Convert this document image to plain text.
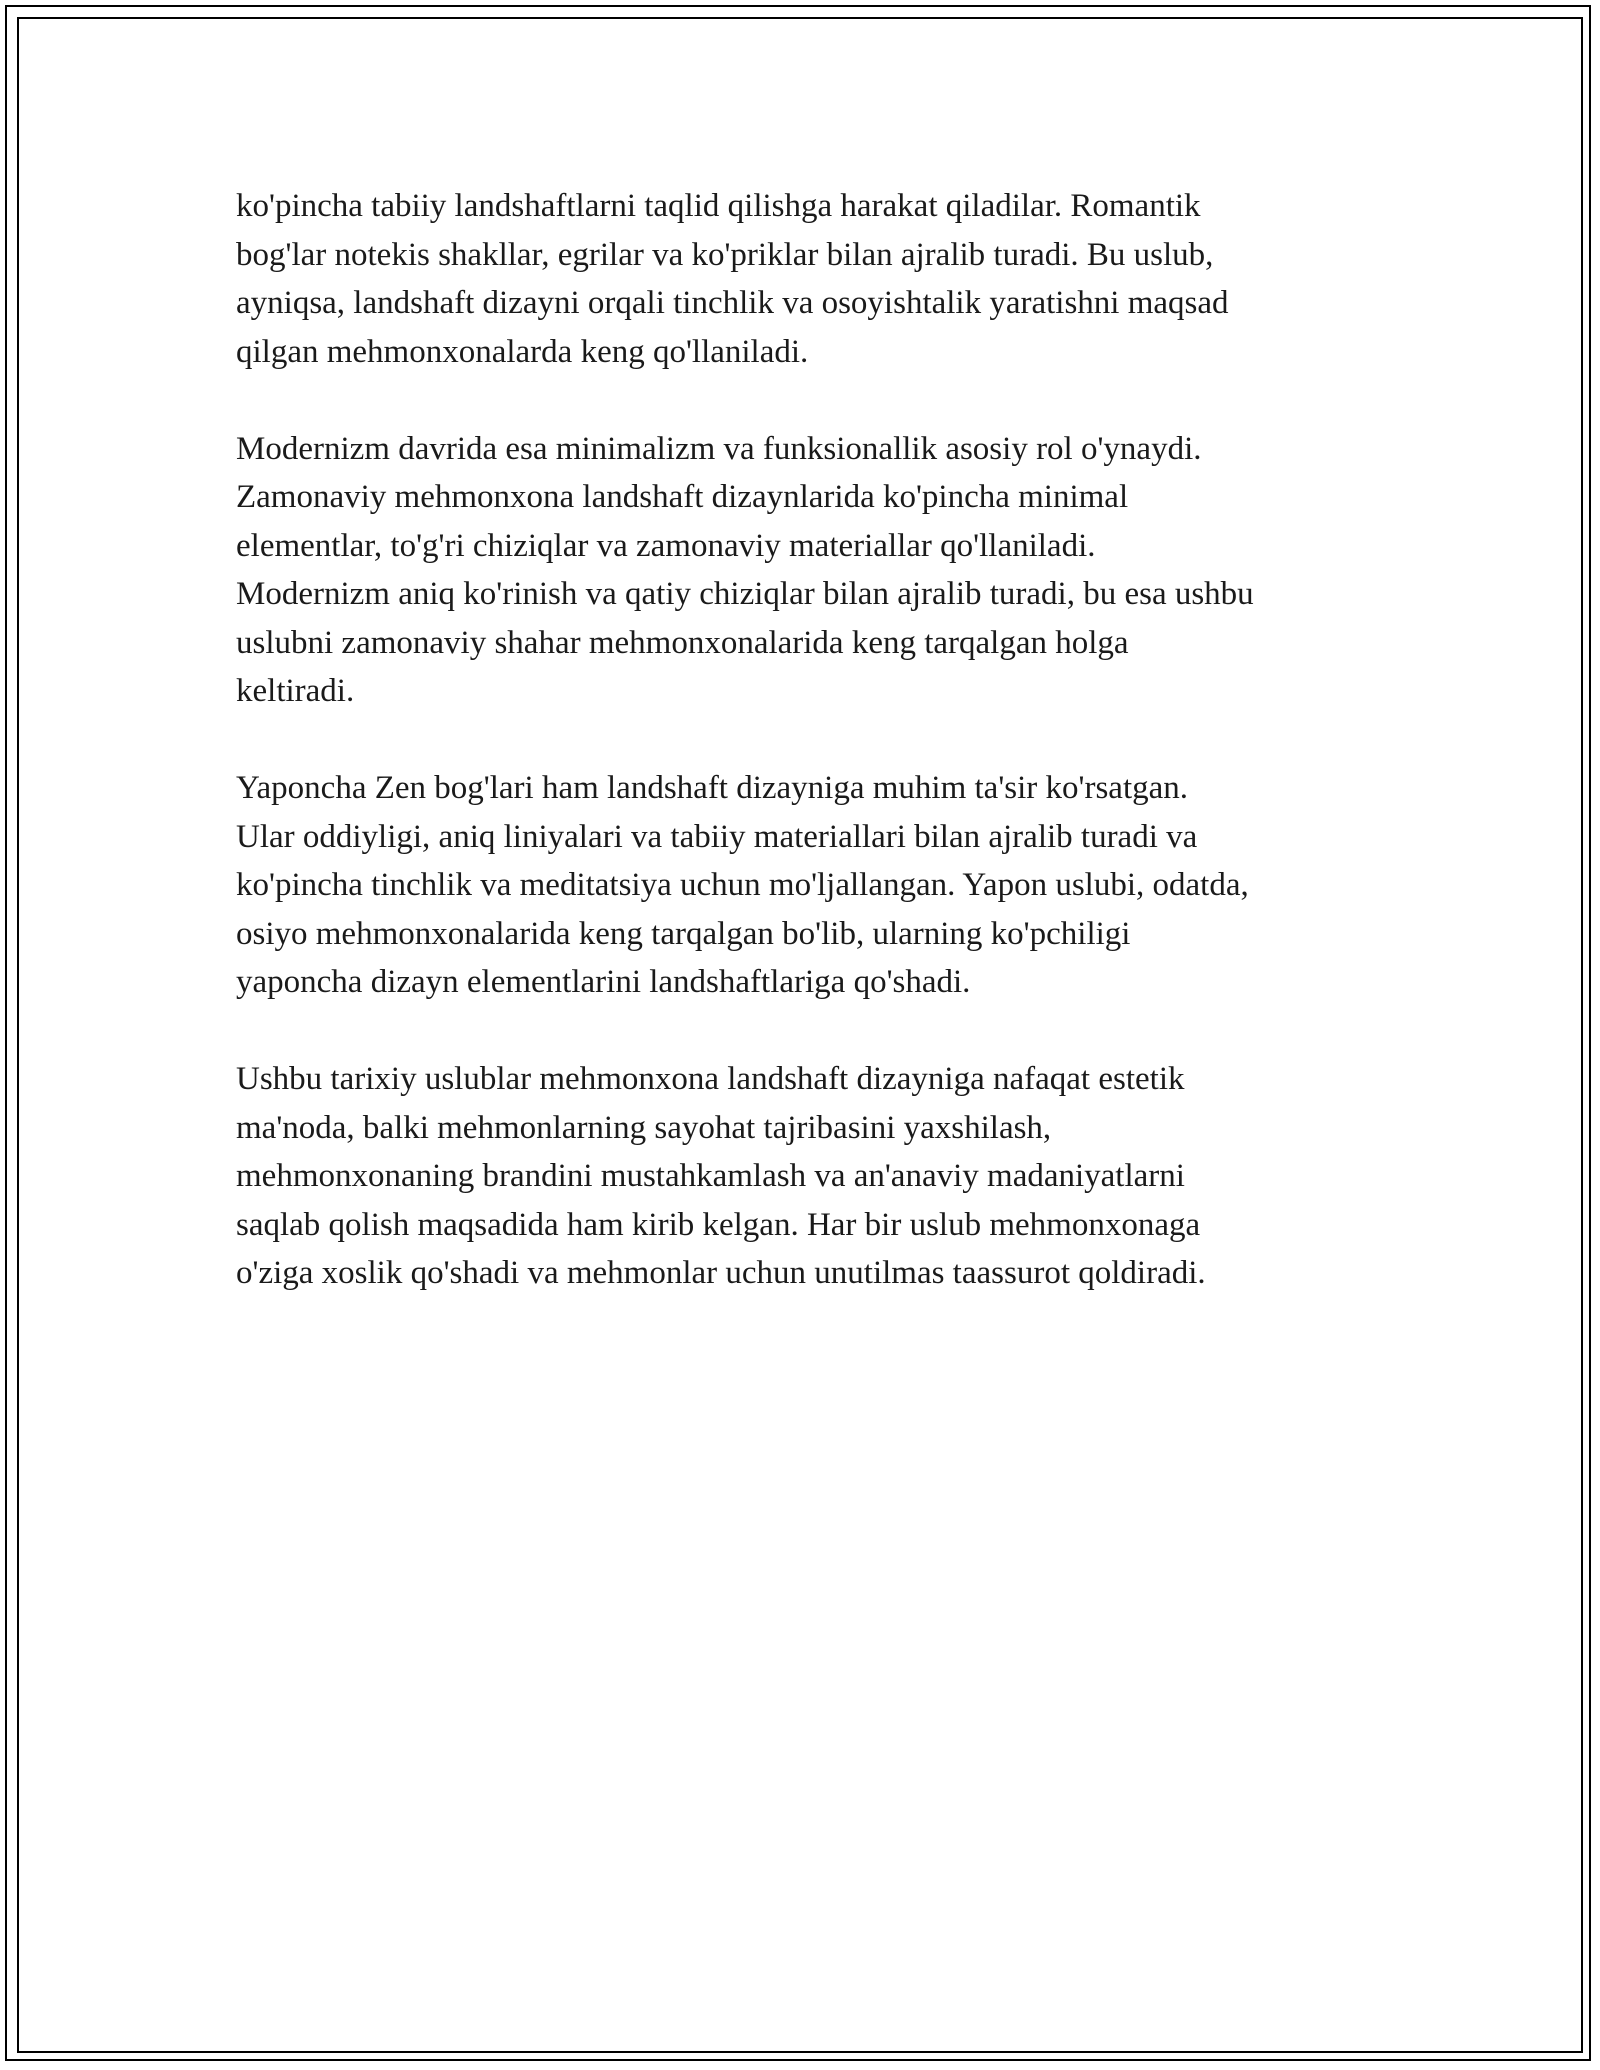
ko'pincha tabiiy landshaftlarni taqlid qilishga harakat qiladilar. Romantik
bog'lar notekis shakllar, egrilar va ko'priklar bilan ajralib turadi. Bu uslub,
ayniqsa, landshaft dizayni orqali tinchlik va osoyishtalik yaratishni maqsad
qilgan mehmonxonalarda keng qo'llaniladi.

Modernizm davrida esa minimalizm va funksionallik asosiy rol o'ynaydi.
Zamonaviy mehmonxona landshaft dizaynlarida ko'pincha minimal
elementlar, to'g'ri chiziqlar va zamonaviy materiallar qo'llaniladi.
Modernizm aniq ko'rinish va qatiy chiziqlar bilan ajralib turadi, bu esa ushbu
uslubni zamonaviy shahar mehmonxonalarida keng tarqalgan holga
keltiradi.

Yaponcha Zen bog'lari ham landshaft dizayniga muhim ta'sir ko'rsatgan.
Ular oddiyligi, aniq liniyalari va tabiiy materiallari bilan ajralib turadi va
ko'pincha tinchlik va meditatsiya uchun mo'ljallangan. Yapon uslubi, odatda,
osiyo mehmonxonalarida keng tarqalgan bo'lib, ularning ko'pchiligi
yaponcha dizayn elementlarini landshaftlariga qo'shadi.

Ushbu tarixiy uslublar mehmonxona landshaft dizayniga nafaqat estetik
ma'noda, balki mehmonlarning sayohat tajribasini yaxshilash,
mehmonxonaning brandini mustahkamlash va an'anaviy madaniyatlarni
saqlab qolish maqsadida ham kirib kelgan. Har bir uslub mehmonxonaga
o'ziga xoslik qo'shadi va mehmonlar uchun unutilmas taassurot qoldiradi.
